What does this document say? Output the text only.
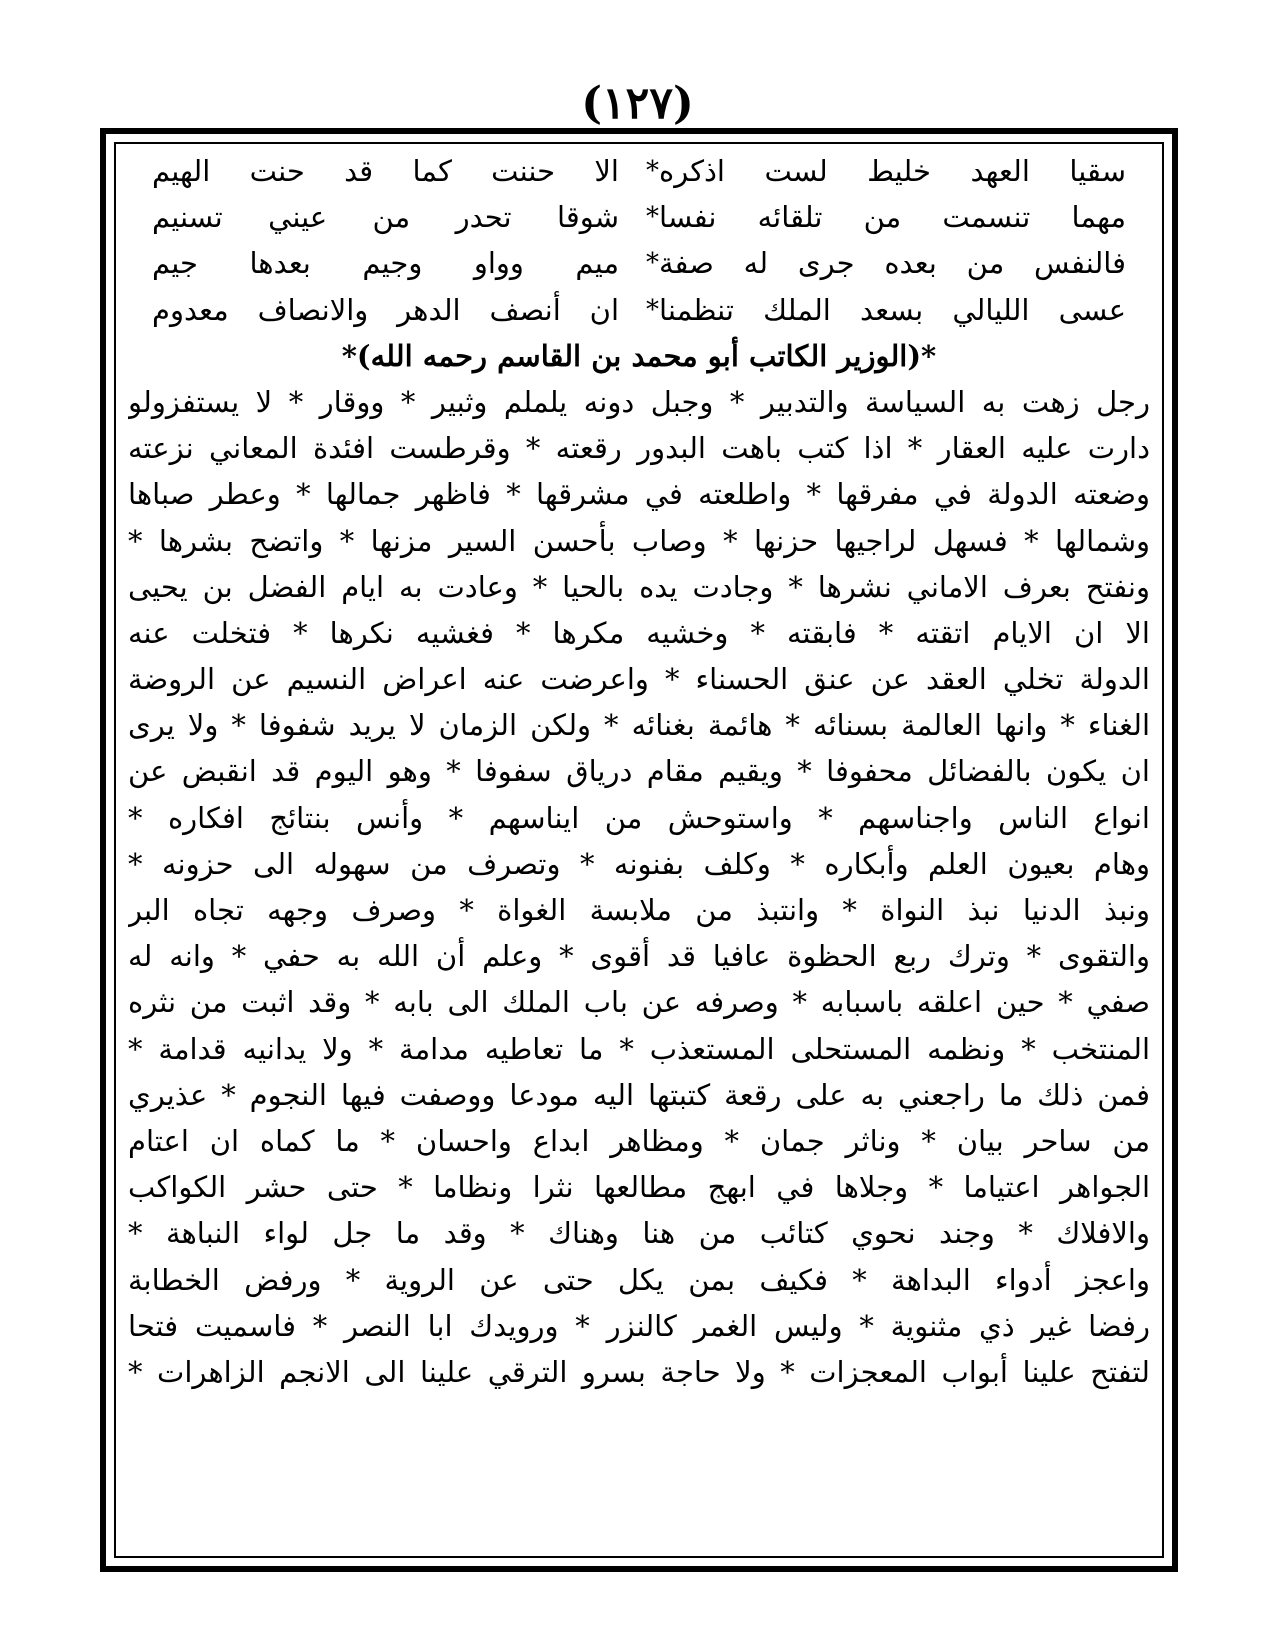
(١٢٧)
سقيا العهد خليط لست اذكره
*
الا حننت كما قد حنت الهيم
مهما تنسمت من تلقائه نفسا
*
شوقا تحدر من عيني تسنيم
فالنفس من بعده جرى له صفة
*
ميم وواو وجيم بعدها جيم
عسى الليالي بسعد الملك تنظمنا
*
ان أنصف الدهر والانصاف معدوم
*(الوزير الكاتب أبو محمد بن القاسم رحمه الله)*
رجل زهت به السياسة والتدبير * وجبل دونه يلملم وثبير * ووقار * لا يستفزولو
دارت عليه العقار * اذا كتب باهت البدور رقعته * وقرطست افئدة المعاني نزعته
وضعته الدولة في مفرقها * واطلعته في مشرقها * فاظهر جمالها * وعطر صباها
وشمالها * فسهل لراجيها حزنها * وصاب بأحسن السير مزنها * واتضح بشرها *
ونفتح بعرف الاماني نشرها * وجادت يده بالحيا * وعادت به ايام الفضل بن يحيى
الا ان الايام اتقته * فابقته * وخشيه مكرها * فغشيه نكرها * فتخلت عنه
الدولة تخلي العقد عن عنق الحسناء * واعرضت عنه اعراض النسيم عن الروضة
الغناء * وانها العالمة بسنائه * هائمة بغنائه * ولكن الزمان لا يريد شفوفا * ولا يرى
ان يكون بالفضائل محفوفا * ويقيم مقام درياق سفوفا * وهو اليوم قد انقبض عن
انواع الناس واجناسهم * واستوحش من ايناسهم * وأنس بنتائج افكاره *
وهام بعيون العلم وأبكاره * وكلف بفنونه * وتصرف من سهوله الى حزونه *
ونبذ الدنيا نبذ النواة * وانتبذ من ملابسة الغواة * وصرف وجهه تجاه البر
والتقوى * وترك ربع الحظوة عافيا قد أقوى * وعلم أن الله به حفي * وانه له
صفي * حين اعلقه باسبابه * وصرفه عن باب الملك الى بابه * وقد اثبت من نثره
المنتخب * ونظمه المستحلى المستعذب * ما تعاطيه مدامة * ولا يدانيه قدامة *
فمن ذلك ما راجعني به على رقعة كتبتها اليه مودعا ووصفت فيها النجوم * عذيري
من ساحر بيان * وناثر جمان * ومظاهر ابداع واحسان * ما كماه ان اعتام
الجواهر اعتياما * وجلاها في ابهج مطالعها نثرا ونظاما * حتى حشر الكواكب
والافلاك * وجند نحوي كتائب من هنا وهناك * وقد ما جل لواء النباهة *
واعجز أدواء البداهة * فكيف بمن يكل حتى عن الروية * ورفض الخطابة
رفضا غير ذي مثنوية * وليس الغمر كالنزر * ورويدك ابا النصر * فاسميت فتحا
لتفتح علينا أبواب المعجزات * ولا حاجة بسرو الترقي علينا الى الانجم الزاهرات *
